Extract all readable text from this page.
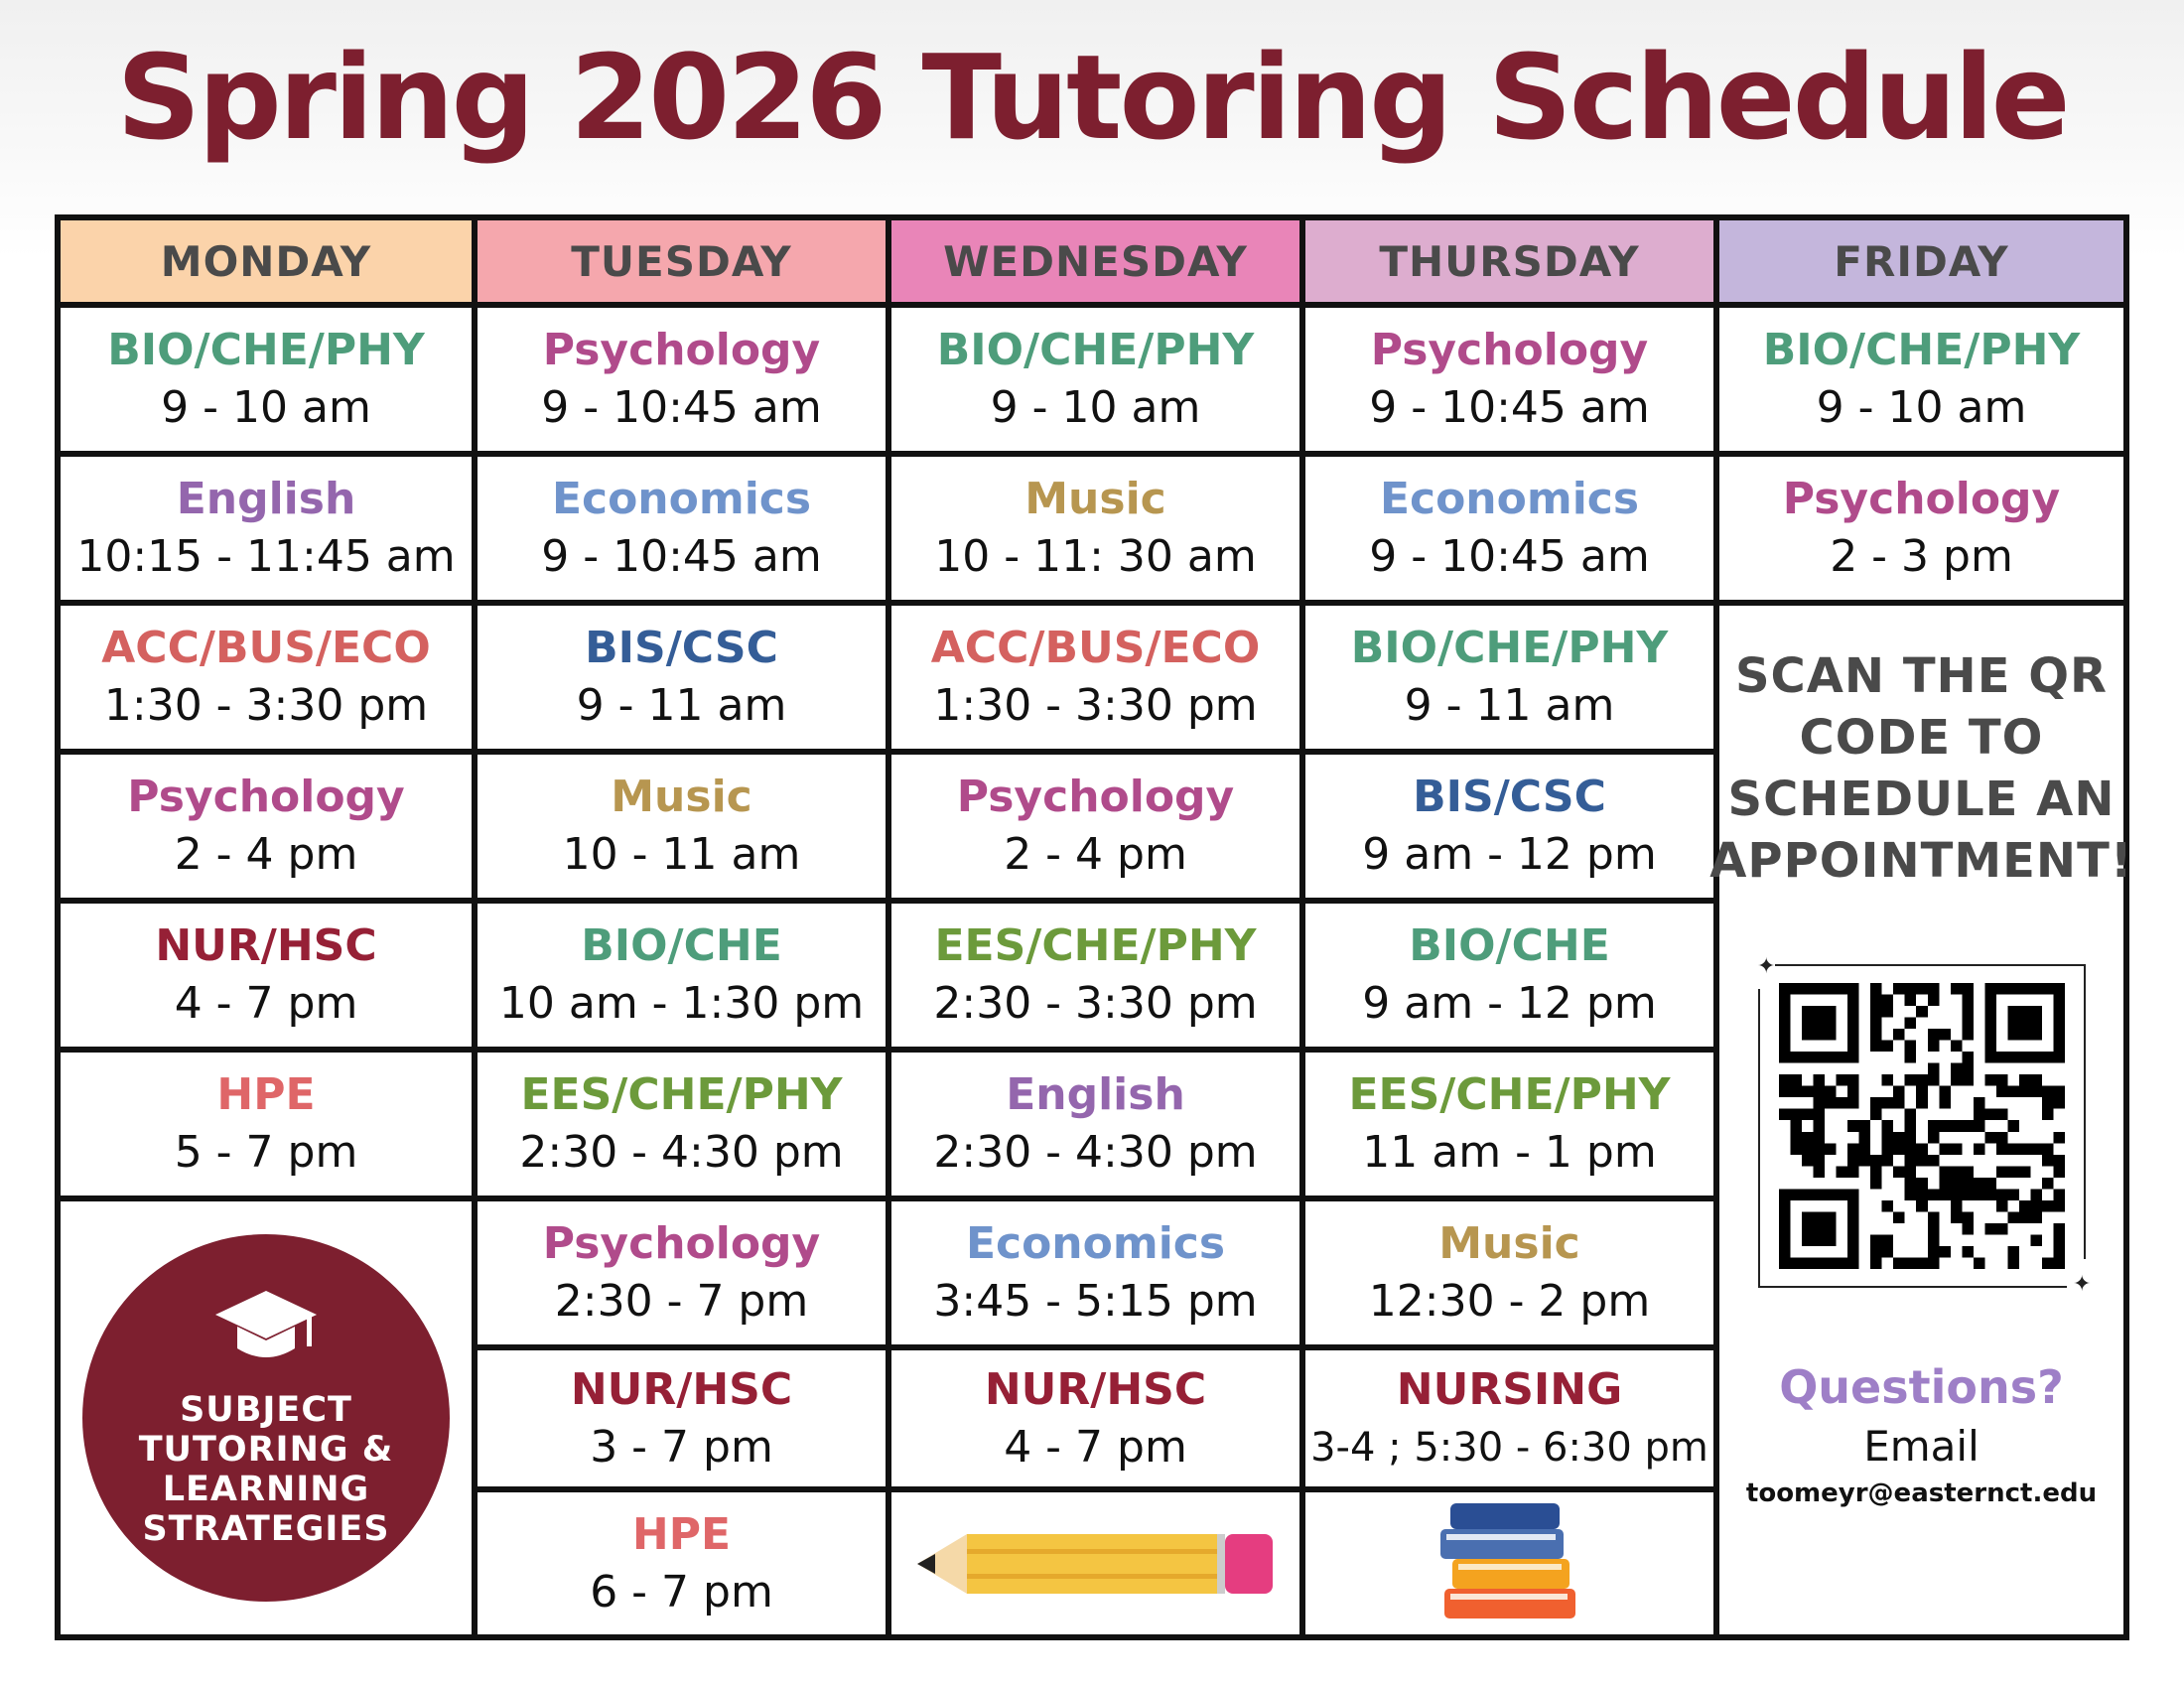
Spring 2026 Tutoring Schedule
MONDAY
BIO/CHE/PHY
9 - 10 am
English
10:15 - 11:45 am
ACC/BUS/ECO
1:30 - 3:30 pm
Psychology
2 - 4 pm
NUR/HSC
4 - 7 pm
HPE
5 - 7 pm
SUBJECT
TUTORING &
LEARNING
STRATEGIES
TUESDAY
Psychology
9 - 10:45 am
Economics
9 - 10:45 am
BIS/CSC
9 - 11 am
Music
10 - 11 am
BIO/CHE
10 am - 1:30 pm
EES/CHE/PHY
2:30 - 4:30 pm
Psychology
2:30 - 7 pm
NUR/HSC
3 - 7 pm
HPE
6 - 7 pm
WEDNESDAY
BIO/CHE/PHY
9 - 10 am
Music
10 - 11: 30 am
ACC/BUS/ECO
1:30 - 3:30 pm
Psychology
2 - 4 pm
EES/CHE/PHY
2:30 - 3:30 pm
English
2:30 - 4:30 pm
Economics
3:45 - 5:15 pm
NUR/HSC
4 - 7 pm
THURSDAY
Psychology
9 - 10:45 am
Economics
9 - 10:45 am
BIO/CHE/PHY
9 - 11 am
BIS/CSC
9 am - 12 pm
BIO/CHE
9 am - 12 pm
EES/CHE/PHY
11 am - 1 pm
Music
12:30 - 2 pm
NURSING
3-4 ; 5:30 - 6:30 pm
FRIDAY
BIO/CHE/PHY
9 - 10 am
Psychology
2 - 3 pm
SCAN THE QR
CODE TO
SCHEDULE AN
APPOINTMENT!
✦
✦
Questions?
Email
toomeyr@easternct.edu
